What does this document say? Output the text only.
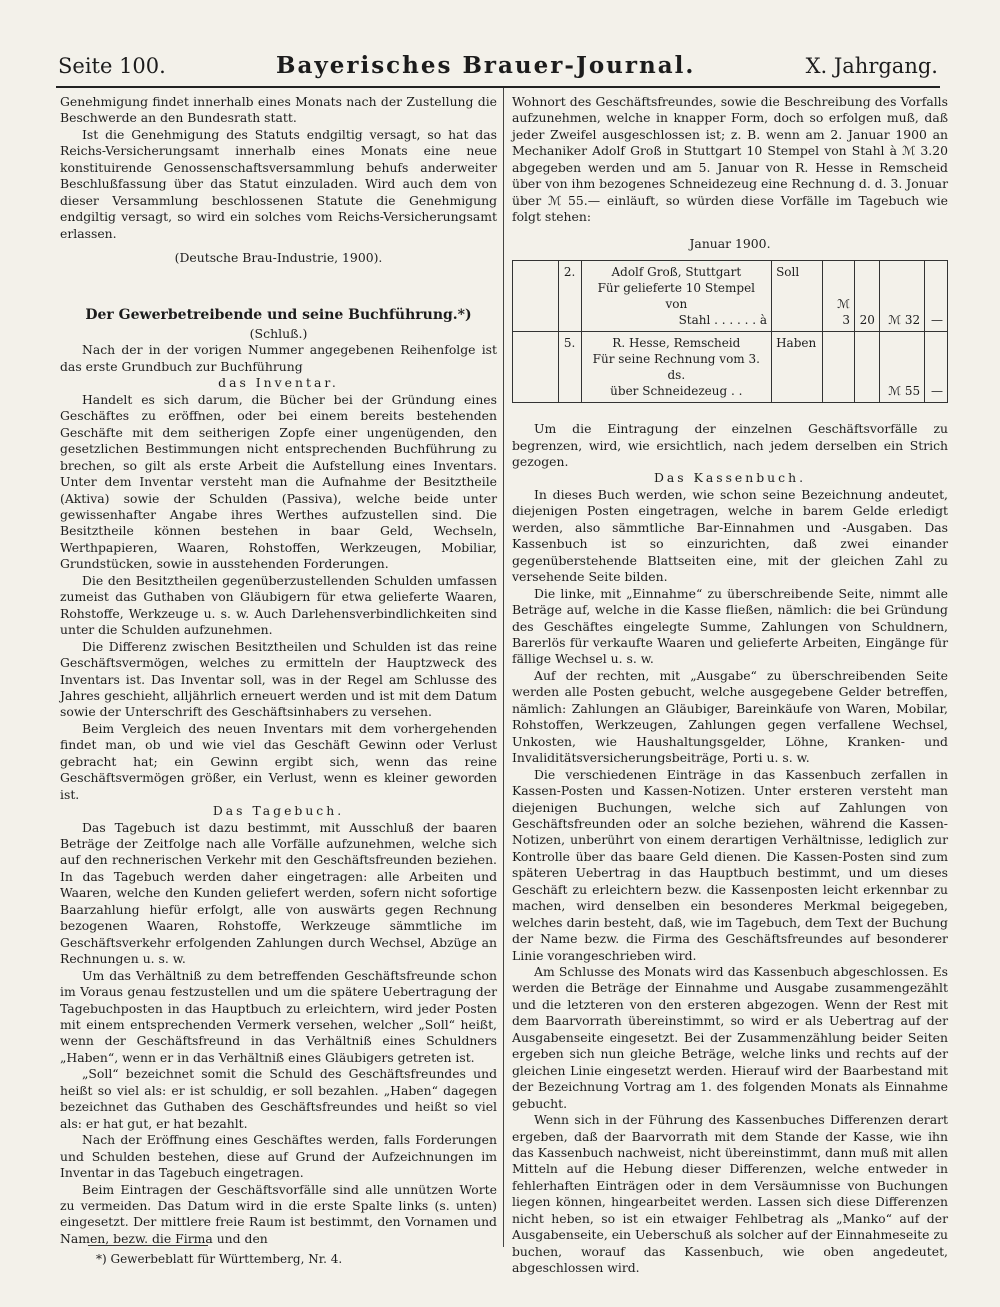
Seite 100.	Bayerisches Brauer-Journal.	X. Jahrgang.

Genehmigung findet innerhalb eines Monats nach der Zustellung die Beschwerde an den Bundesrath statt.

Ist die Genehmigung des Statuts endgiltig versagt, so hat das Reichs-Versicherungsamt innerhalb eines Monats eine neue konstituirende Genossenschaftsversammlung behufs anderweiter Beschlußfassung über das Statut einzuladen. Wird auch dem von dieser Versammlung beschlossenen Statute die Genehmigung endgiltig versagt, so wird ein solches vom Reichs-Versicherungsamt erlassen.

(Deutsche Brau-Industrie, 1900).

Der Gewerbetreibende und seine Buchführung.*)

(Schluß.)

Nach der in der vorigen Nummer angegebenen Reihenfolge ist das erste Grundbuch zur Buchführung

das Inventar.

Handelt es sich darum, die Bücher bei der Gründung eines Geschäftes zu eröffnen, oder bei einem bereits bestehenden Geschäfte mit dem seitherigen Zopfe einer ungenügenden, den gesetzlichen Bestimmungen nicht entsprechenden Buchführung zu brechen, so gilt als erste Arbeit die Aufstellung eines Inventars. Unter dem Inventar versteht man die Aufnahme der Besitztheile (Aktiva) sowie der Schulden (Passiva), welche beide unter gewissenhafter Angabe ihres Werthes aufzustellen sind. Die Besitztheile können bestehen in baar Geld, Wechseln, Werthpapieren, Waaren, Rohstoffen, Werkzeugen, Mobiliar, Grundstücken, sowie in ausstehenden Forderungen.

Die den Besitztheilen gegenüberzustellenden Schulden umfassen zumeist das Guthaben von Gläubigern für etwa gelieferte Waaren, Rohstoffe, Werkzeuge u. s. w. Auch Darlehensverbindlichkeiten sind unter die Schulden aufzunehmen.

Die Differenz zwischen Besitztheilen und Schulden ist das reine Geschäftsvermögen, welches zu ermitteln der Hauptzweck des Inventars ist. Das Inventar soll, was in der Regel am Schlusse des Jahres geschieht, alljährlich erneuert werden und ist mit dem Datum sowie der Unterschrift des Geschäftsinhabers zu versehen.

Beim Vergleich des neuen Inventars mit dem vorhergehenden findet man, ob und wie viel das Geschäft Gewinn oder Verlust gebracht hat; ein Gewinn ergibt sich, wenn das reine Geschäftsvermögen größer, ein Verlust, wenn es kleiner geworden ist.

Das Tagebuch.

Das Tagebuch ist dazu bestimmt, mit Ausschluß der baaren Beträge der Zeitfolge nach alle Vorfälle aufzunehmen, welche sich auf den rechnerischen Verkehr mit den Geschäftsfreunden beziehen. In das Tagebuch werden daher eingetragen: alle Arbeiten und Waaren, welche den Kunden geliefert werden, sofern nicht sofortige Baarzahlung hiefür erfolgt, alle von auswärts gegen Rechnung bezogenen Waaren, Rohstoffe, Werkzeuge sämmtliche im Geschäftsverkehr erfolgenden Zahlungen durch Wechsel, Abzüge an Rechnungen u. s. w.

Um das Verhältniß zu dem betreffenden Geschäftsfreunde schon im Voraus genau festzustellen und um die spätere Uebertragung der Tagebuchposten in das Hauptbuch zu erleichtern, wird jeder Posten mit einem entsprechenden Vermerk versehen, welcher „Soll“ heißt, wenn der Geschäftsfreund in das Verhältniß eines Schuldners „Haben“, wenn er in das Verhältniß eines Gläubigers getreten ist.

„Soll“ bezeichnet somit die Schuld des Geschäftsfreundes und heißt so viel als: er ist schuldig, er soll bezahlen. „Haben“ dagegen bezeichnet das Guthaben des Geschäftsfreundes und heißt so viel als: er hat gut, er hat bezahlt.

Nach der Eröffnung eines Geschäftes werden, falls Forderungen und Schulden bestehen, diese auf Grund der Aufzeichnungen im Inventar in das Tagebuch eingetragen.

Beim Eintragen der Geschäftsvorfälle sind alle unnützen Worte zu vermeiden. Das Datum wird in die erste Spalte links (s. unten) eingesetzt. Der mittlere freie Raum ist bestimmt, den Vornamen und Namen, bezw. die Firma und den

*) Gewerbeblatt für Württemberg, Nr. 4.

Wohnort des Geschäftsfreundes, sowie die Beschreibung des Vorfalls aufzunehmen, welche in knapper Form, doch so erfolgen muß, daß jeder Zweifel ausgeschlossen ist; z. B. wenn am 2. Januar 1900 an Mechaniker Adolf Groß in Stuttgart 10 Stempel von Stahl à ℳ 3.20 abgegeben werden und am 5. Januar von R. Hesse in Remscheid über von ihm bezogenes Schneidezeug eine Rechnung d. d. 3. Jonuar über ℳ 55.— einläuft, so würden diese Vorfälle im Tagebuch wie folgt stehen:

Januar 1900.

	2.	Adolf Groß, Stuttgart
Für gelieferte 10 Stempel von
Stahl . . . . . . à	Soll	ℳ 3	20	ℳ 32	—
	5.	R. Hesse, Remscheid
Für seine Rechnung vom 3. ds.
über Schneidezeug . .	Haben			ℳ 55	—

Um die Eintragung der einzelnen Geschäftsvorfälle zu begrenzen, wird, wie ersichtlich, nach jedem derselben ein Strich gezogen.

Das Kassenbuch.

In dieses Buch werden, wie schon seine Bezeichnung andeutet, diejenigen Posten eingetragen, welche in barem Gelde erledigt werden, also sämmtliche Bar-Einnahmen und -Ausgaben. Das Kassenbuch ist so einzurichten, daß zwei einander gegenüberstehende Blattseiten eine, mit der gleichen Zahl zu versehende Seite bilden.

Die linke, mit „Einnahme“ zu überschreibende Seite, nimmt alle Beträge auf, welche in die Kasse fließen, nämlich: die bei Gründung des Geschäftes eingelegte Summe, Zahlungen von Schuldnern, Barerlös für verkaufte Waaren und gelieferte Arbeiten, Eingänge für fällige Wechsel u. s. w.

Auf der rechten, mit „Ausgabe“ zu überschreibenden Seite werden alle Posten gebucht, welche ausgegebene Gelder betreffen, nämlich: Zahlungen an Gläubiger, Bareinkäufe von Waren, Mobilar, Rohstoffen, Werkzeugen, Zahlungen gegen verfallene Wechsel, Unkosten, wie Haushaltungsgelder, Löhne, Kranken- und Invaliditätsversicherungsbeiträge, Porti u. s. w.

Die verschiedenen Einträge in das Kassenbuch zerfallen in Kassen-Posten und Kassen-Notizen. Unter ersteren versteht man diejenigen Buchungen, welche sich auf Zahlungen von Geschäftsfreunden oder an solche beziehen, während die Kassen-Notizen, unberührt von einem derartigen Verhältnisse, lediglich zur Kontrolle über das baare Geld dienen. Die Kassen-Posten sind zum späteren Uebertrag in das Hauptbuch bestimmt, und um dieses Geschäft zu erleichtern bezw. die Kassenposten leicht erkennbar zu machen, wird denselben ein besonderes Merkmal beigegeben, welches darin besteht, daß, wie im Tagebuch, dem Text der Buchung der Name bezw. die Firma des Geschäftsfreundes auf besonderer Linie vorangeschrieben wird.

Am Schlusse des Monats wird das Kassenbuch abgeschlossen. Es werden die Beträge der Einnahme und Ausgabe zusammengezählt und die letzteren von den ersteren abgezogen. Wenn der Rest mit dem Baarvorrath übereinstimmt, so wird er als Uebertrag auf der Ausgabenseite eingesetzt. Bei der Zusammenzählung beider Seiten ergeben sich nun gleiche Beträge, welche links und rechts auf der gleichen Linie eingesetzt werden. Hierauf wird der Baarbestand mit der Bezeichnung Vortrag am 1. des folgenden Monats als Einnahme gebucht.

Wenn sich in der Führung des Kassenbuches Differenzen derart ergeben, daß der Baarvorrath mit dem Stande der Kasse, wie ihn das Kassenbuch nachweist, nicht übereinstimmt, dann muß mit allen Mitteln auf die Hebung dieser Differenzen, welche entweder in fehlerhaften Einträgen oder in dem Versäumnisse von Buchungen liegen können, hingearbeitet werden. Lassen sich diese Differenzen nicht heben, so ist ein etwaiger Fehlbetrag als „Manko“ auf der Ausgabenseite, ein Ueberschuß als solcher auf der Einnahmeseite zu buchen, worauf das Kassenbuch, wie oben angedeutet, abgeschlossen wird.
